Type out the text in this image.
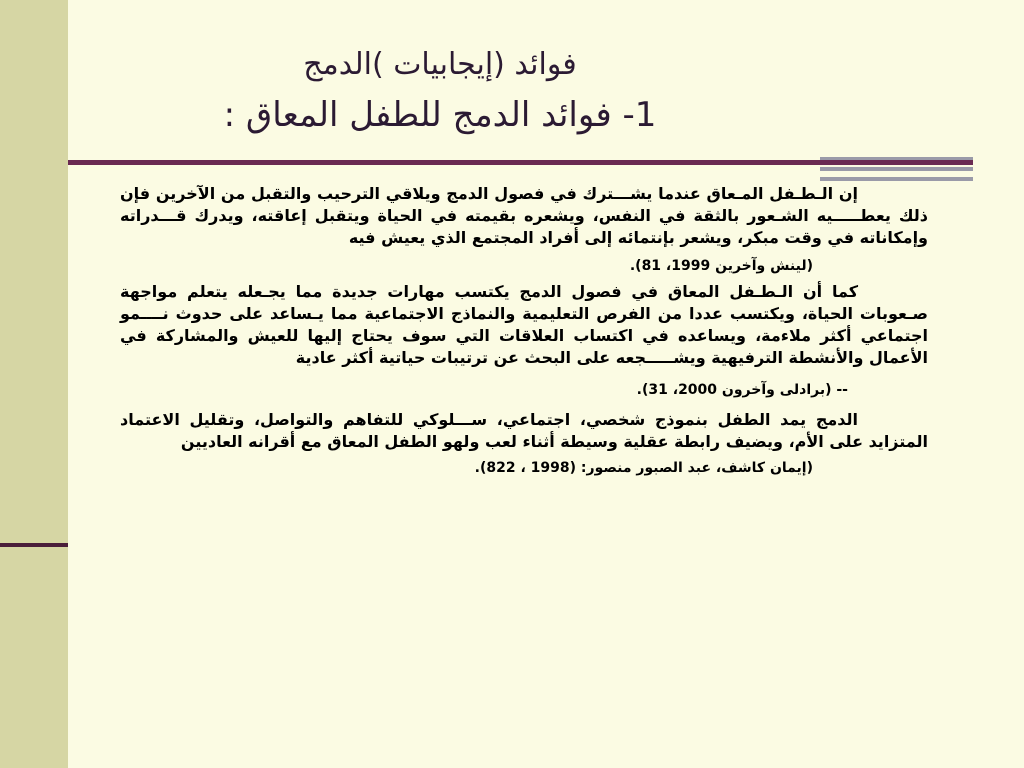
فوائد (إيجابيات )الدمج
1- فوائد الدمج للطفل المعاق :

إن الـطـفل المـعاق عندما يشـــترك في فصول الدمج ويلاقي الترحيب والتقبل من الآخرين فإن ذلك يعطـــــيه الشـعور بالثقة في النفس، ويشعره بقيمته في الحياة ويتقبل إعاقته، ويدرك قـــدراته وإمكاناته في وقت مبكر، ويشعر بإنتمائه إلى أفراد المجتمع الذي يعيش فيه

(لينش وآخرين 1999، 81).

كما أن الـطـفل المعاق في فصول الدمج يكتسب مهارات جديدة مما يجـعله يتعلم مواجهة صـعوبات الحياة، ويكتسب عددا من الفرص التعليمية والنماذج الاجتماعية مما يـساعد على حدوث نــــمو اجتماعي أكثر ملاءمة، ويساعده في اكتساب العلاقات التي سوف يحتاج إليها للعيش والمشاركة في الأعمال والأنشطة الترفيهية ويشـــــجعه على البحث عن ترتيبات حياتية أكثر عادية

-- (برادلى وآخرون 2000، 31).

الدمج يمد الطفل بنموذج شخصي، اجتماعي، ســـلوكي للتفاهم والتواصل، وتقليل الاعتماد المتزايد على الأم، ويضيف رابطة عقلية وسيطة أثناء لعب ولهو الطفل المعاق مع أقرانه العاديين

(إيمان كاشف، عبد الصبور منصور: (1998 ، 822).
